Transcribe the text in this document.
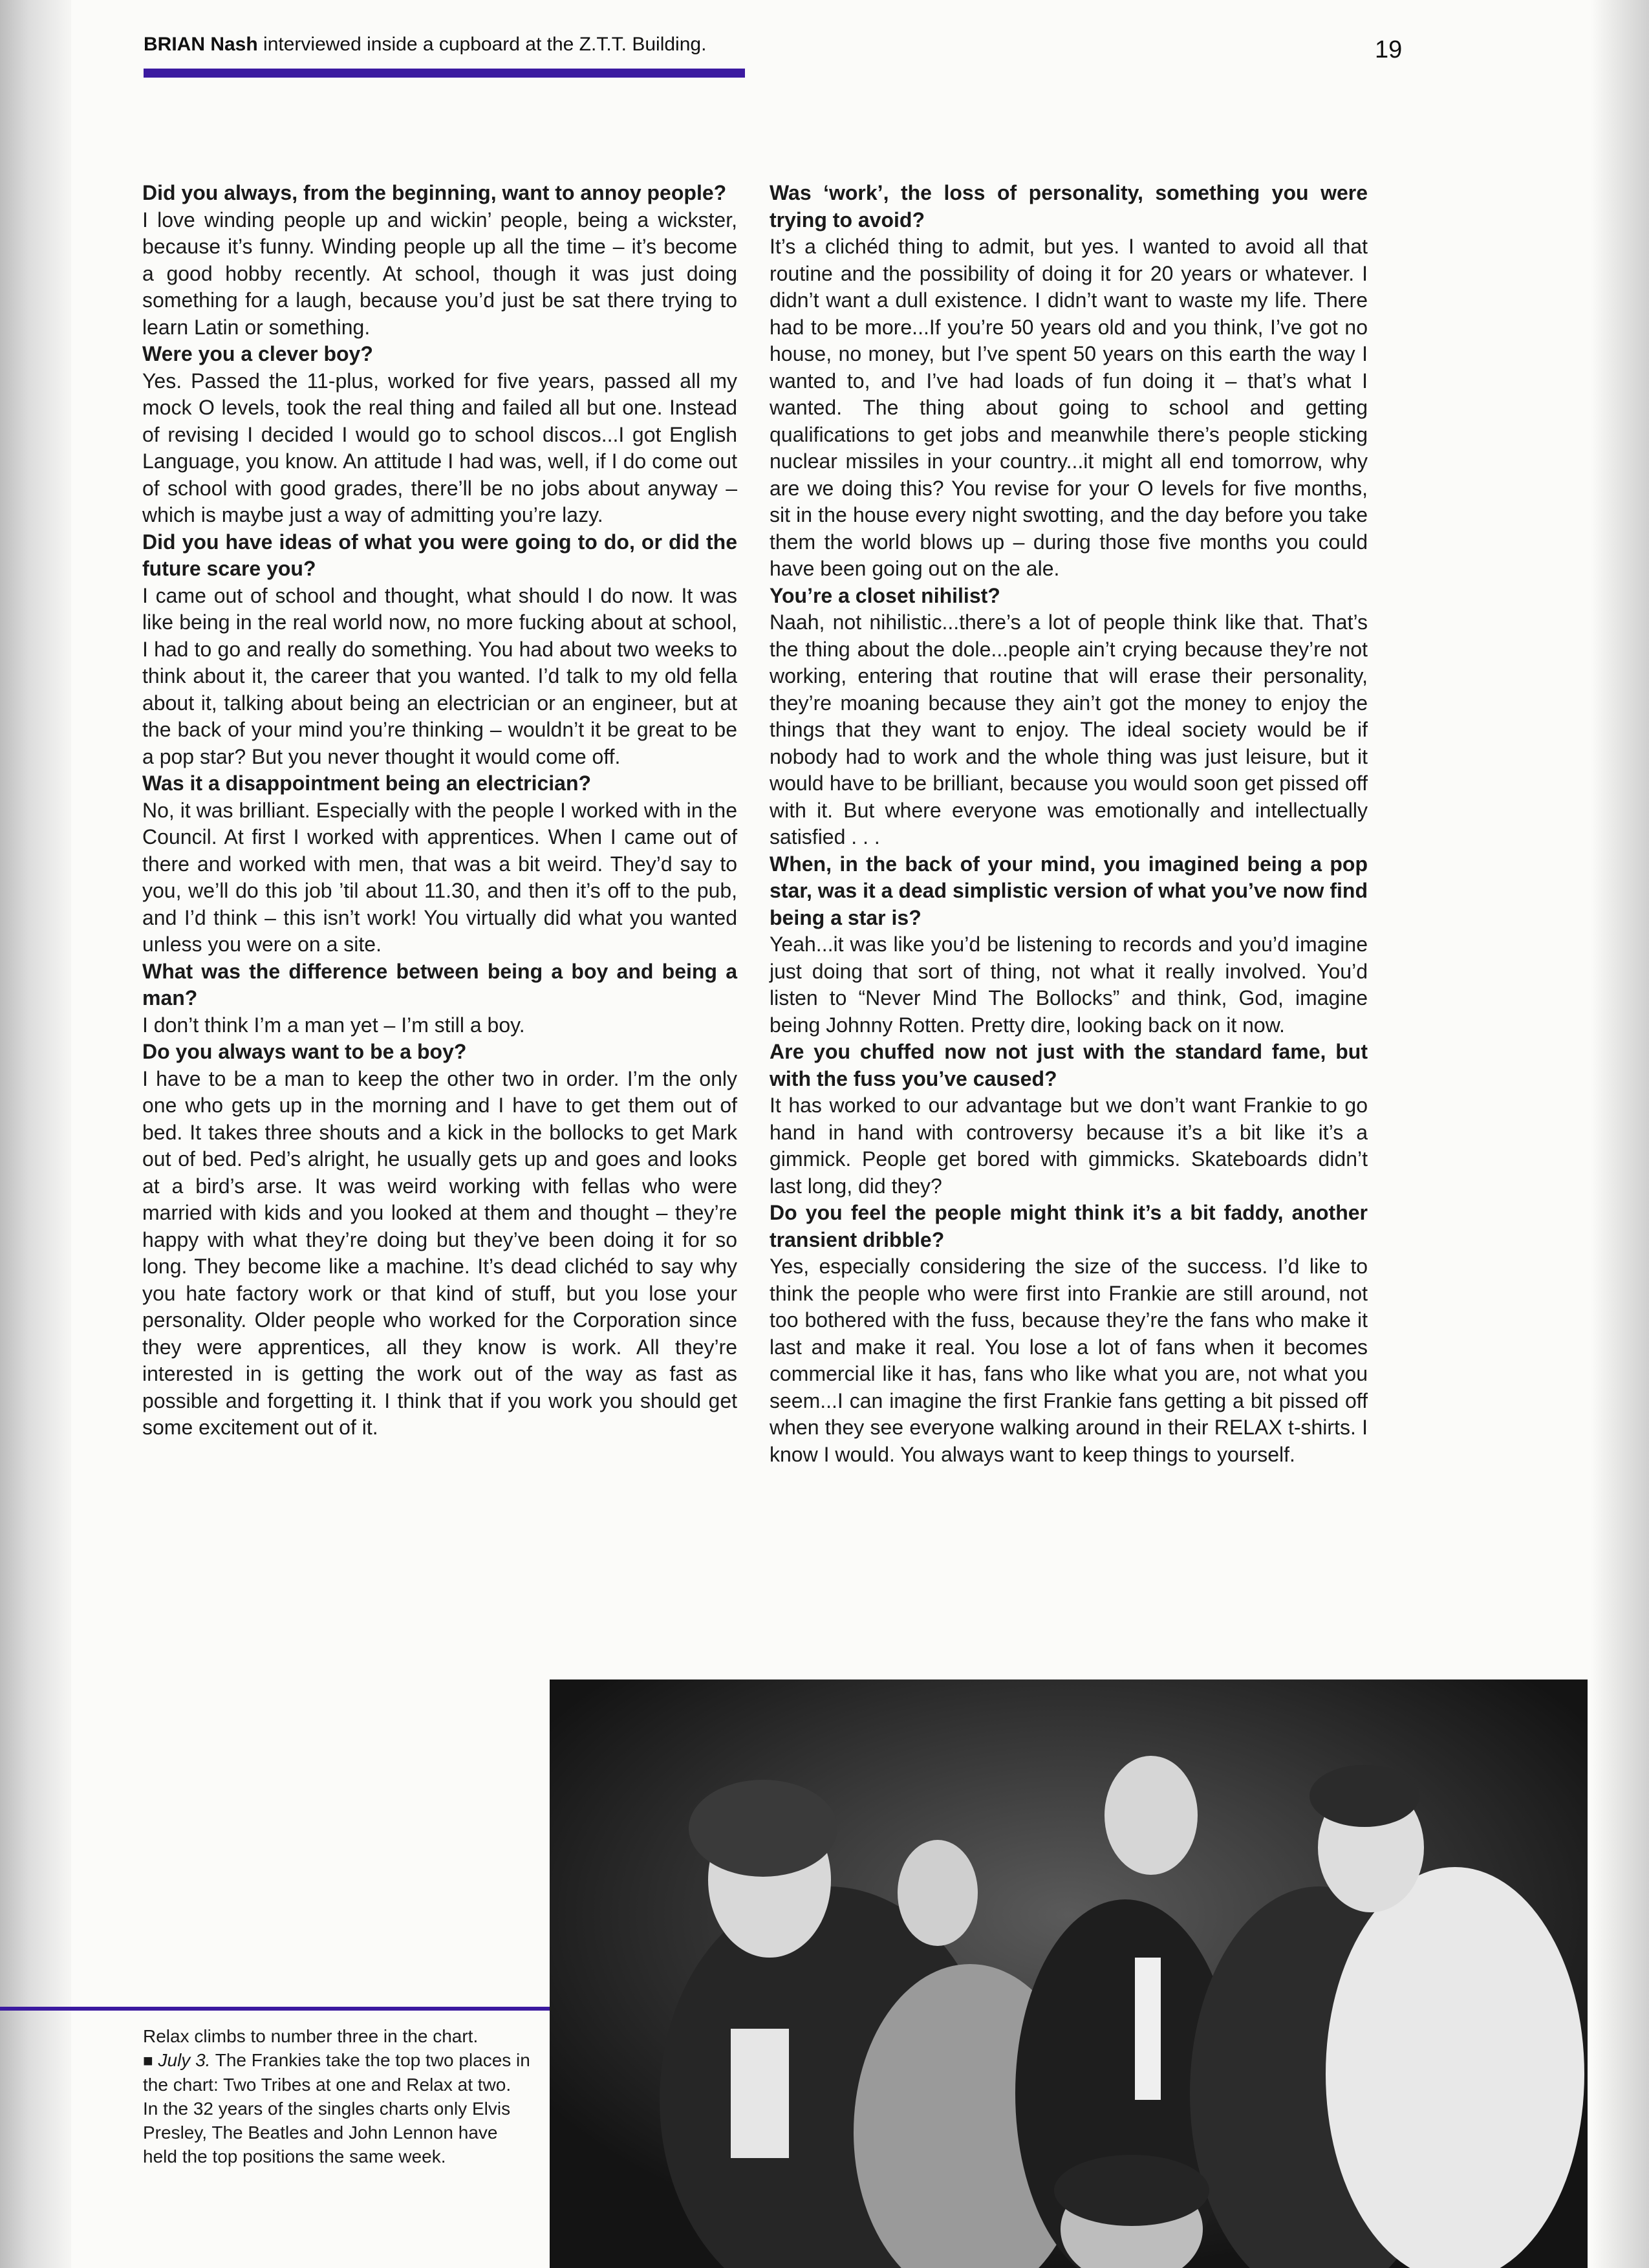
BRIAN Nash interviewed inside a cupboard at the Z.T.T. Building.	19

Did you always, from the beginning, want to annoy people?

I love winding people up and wickin’ people, being a wickster, because it’s funny. Winding people up all the time – it’s become a good hobby recently. At school, though it was just doing something for a laugh, because you’d just be sat there trying to learn Latin or something.

Were you a clever boy?

Yes. Passed the 11-plus, worked for five years, passed all my mock O levels, took the real thing and failed all but one. Instead of revising I decided I would go to school discos...I got English Language, you know. An attitude I had was, well, if I do come out of school with good grades, there’ll be no jobs about anyway – which is maybe just a way of admitting you’re lazy.

Did you have ideas of what you were going to do, or did the future scare you?

I came out of school and thought, what should I do now. It was like being in the real world now, no more fucking about at school, I had to go and really do something. You had about two weeks to think about it, the career that you wanted. I’d talk to my old fella about it, talking about being an electrician or an engineer, but at the back of your mind you’re thinking – wouldn’t it be great to be a pop star? But you never thought it would come off.

Was it a disappointment being an electrician?

No, it was brilliant. Especially with the people I worked with in the Council. At first I worked with apprentices. When I came out of there and worked with men, that was a bit weird. They’d say to you, we’ll do this job ’til about 11.30, and then it’s off to the pub, and I’d think – this isn’t work! You virtually did what you wanted unless you were on a site.

What was the difference between being a boy and being a man?

I don’t think I’m a man yet – I’m still a boy.

Do you always want to be a boy?

I have to be a man to keep the other two in order. I’m the only one who gets up in the morning and I have to get them out of bed. It takes three shouts and a kick in the bollocks to get Mark out of bed. Ped’s alright, he usually gets up and goes and looks at a bird’s arse. It was weird working with fellas who were married with kids and you looked at them and thought – they’re happy with what they’re doing but they’ve been doing it for so long. They become like a machine. It’s dead clichéd to say why you hate factory work or that kind of stuff, but you lose your personality. Older people who worked for the Corporation since they were apprentices, all they know is work. All they’re interested in is getting the work out of the way as fast as possible and forgetting it. I think that if you work you should get some excitement out of it.

Was ‘work’, the loss of personality, something you were trying to avoid?

It’s a clichéd thing to admit, but yes. I wanted to avoid all that routine and the possibility of doing it for 20 years or whatever. I didn’t want a dull existence. I didn’t want to waste my life. There had to be more...If you’re 50 years old and you think, I’ve got no house, no money, but I’ve spent 50 years on this earth the way I wanted to, and I’ve had loads of fun doing it – that’s what I wanted. The thing about going to school and getting qualifications to get jobs and meanwhile there’s people sticking nuclear missiles in your country...it might all end tomorrow, why are we doing this? You revise for your O levels for five months, sit in the house every night swotting, and the day before you take them the world blows up – during those five months you could have been going out on the ale.

You’re a closet nihilist?

Naah, not nihilistic...there’s a lot of people think like that. That’s the thing about the dole...people ain’t crying because they’re not working, entering that routine that will erase their personality, they’re moaning because they ain’t got the money to enjoy the things that they want to enjoy. The ideal society would be if nobody had to work and the whole thing was just leisure, but it would have to be brilliant, because you would soon get pissed off with it. But where everyone was emotionally and intellectually satisfied . . .

When, in the back of your mind, you imagined being a pop star, was it a dead simplistic version of what you’ve now find being a star is?

Yeah...it was like you’d be listening to records and you’d imagine just doing that sort of thing, not what it really involved. You’d listen to “Never Mind The Bollocks” and think, God, imagine being Johnny Rotten. Pretty dire, looking back on it now.

Are you chuffed now not just with the standard fame, but with the fuss you’ve caused?

It has worked to our advantage but we don’t want Frankie to go hand in hand with controversy because it’s a bit like it’s a gimmick. People get bored with gimmicks. Skateboards didn’t last long, did they?

Do you feel the people might think it’s a bit faddy, another transient dribble?

Yes, especially considering the size of the success. I’d like to think the people who were first into Frankie are still around, not too bothered with the fuss, because they’re the fans who make it last and make it real. You lose a lot of fans when it becomes commercial like it has, fans who like what you are, not what you seem...I can imagine the first Frankie fans getting a bit pissed off when they see everyone walking around in their RELAX t-shirts. I know I would. You always want to keep things to yourself.

Relax climbs to number three in the chart.
■ July 3. The Frankies take the top two places in the chart: Two Tribes at one and Relax at two. In the 32 years of the singles charts only Elvis Presley, The Beatles and John Lennon have held the top positions the same week.
